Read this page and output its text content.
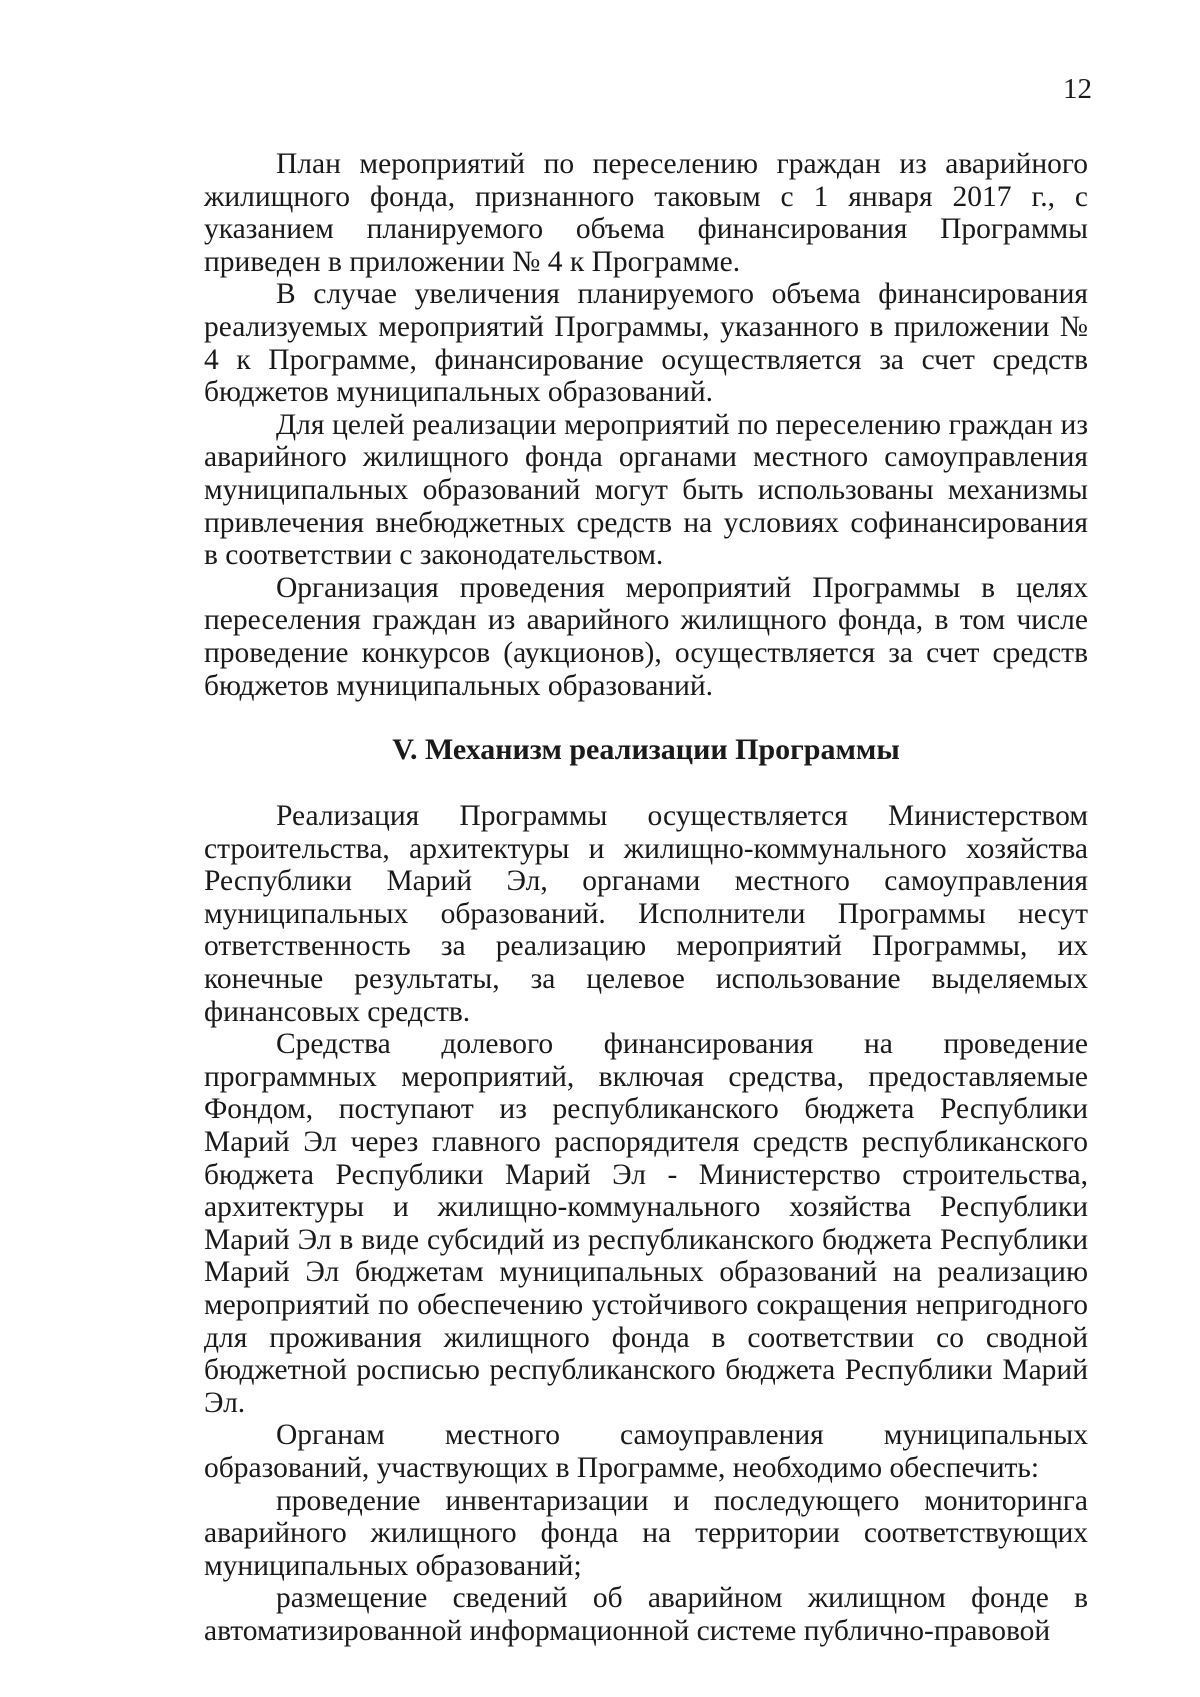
12

План мероприятий по переселению граждан из аварийного жилищного фонда, признанного таковым с 1 января 2017 г., с указанием планируемого объема финансирования Программы приведен в приложении № 4 к Программе.

В случае увеличения планируемого объема финансирования реализуемых мероприятий Программы, указанного в приложении № 4 к Программе, финансирование осуществляется за счет средств бюджетов муниципальных образований.

Для целей реализации мероприятий по переселению граждан из аварийного жилищного фонда органами местного самоуправления муниципальных образований могут быть использованы механизмы привлечения внебюджетных средств на условиях софинансирования в соответствии с законодательством.

Организация проведения мероприятий Программы в целях переселения граждан из аварийного жилищного фонда, в том числе проведение конкурсов (аукционов), осуществляется за счет средств бюджетов муниципальных образований.

V. Механизм реализации Программы

Реализация Программы осуществляется Министерством строительства, архитектуры и жилищно-коммунального хозяйства Республики Марий Эл, органами местного самоуправления муниципальных образований. Исполнители Программы несут ответственность за реализацию мероприятий Программы, их конечные результаты, за целевое использование выделяемых финансовых средств.

Средства долевого финансирования на проведение программных мероприятий, включая средства, предоставляемые Фондом, поступают из республиканского бюджета Республики Марий Эл через главного распорядителя средств республиканского бюджета Республики Марий Эл - Министерство строительства, архитектуры и жилищно-коммунального хозяйства Республики Марий Эл в виде субсидий из республиканского бюджета Республики Марий Эл бюджетам муниципальных образований на реализацию мероприятий по обеспечению устойчивого сокращения непригодного для проживания жилищного фонда в соответствии со сводной бюджетной росписью республиканского бюджета Республики Марий Эл.

Органам местного самоуправления муниципальных образований, участвующих в Программе, необходимо обеспечить:

проведение инвентаризации и последующего мониторинга аварийного жилищного фонда на территории соответствующих муниципальных образований;

размещение сведений об аварийном жилищном фонде в автоматизированной информационной системе публично-правовой
